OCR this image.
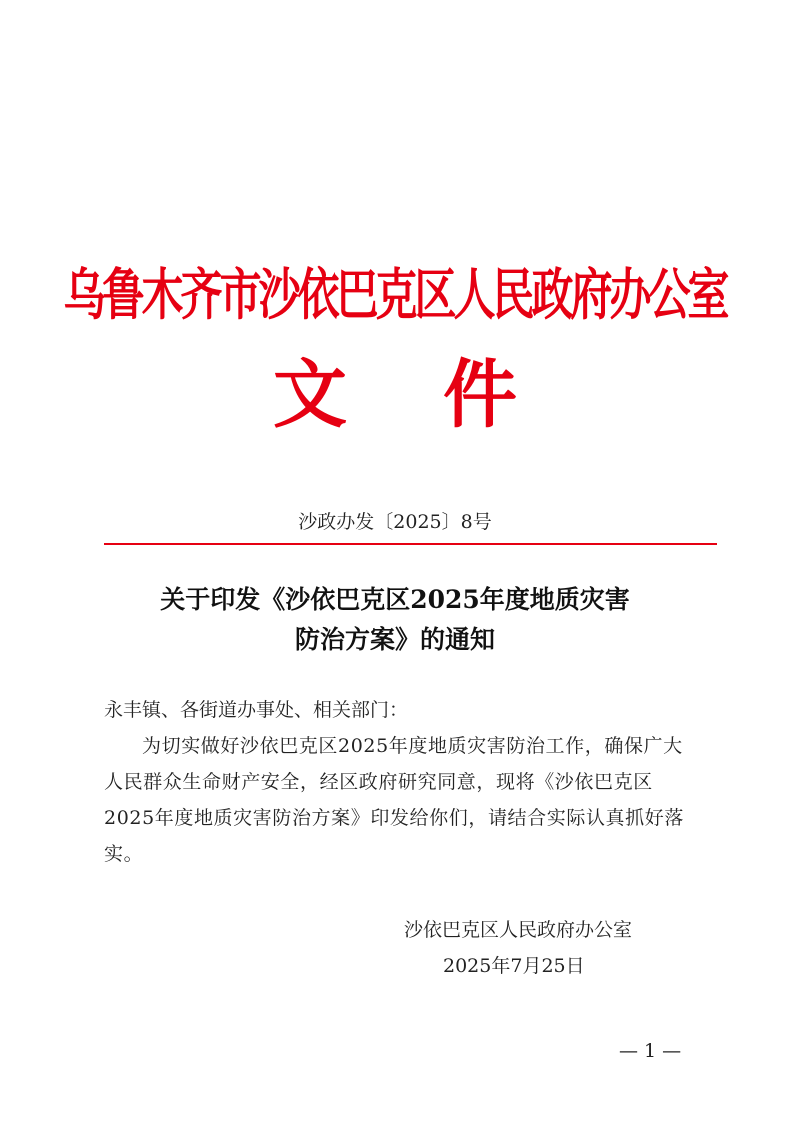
乌鲁木齐市沙依巴克区人民政府办公室
文件
沙政办发〔2025〕8号
关于印发《沙依巴克区2025年度地质灾害
防治方案》的通知

永丰镇、各街道办事处、相关部门：

为切实做好沙依巴克区2025年度地质灾害防治工作，确保广大人民群众生命财产安全，经区政府研究同意，现将《沙依巴克区2025年度地质灾害防治方案》印发给你们，请结合实际认真抓好落实。

沙依巴克区人民政府办公室
2025年7月25日
— 1 —
